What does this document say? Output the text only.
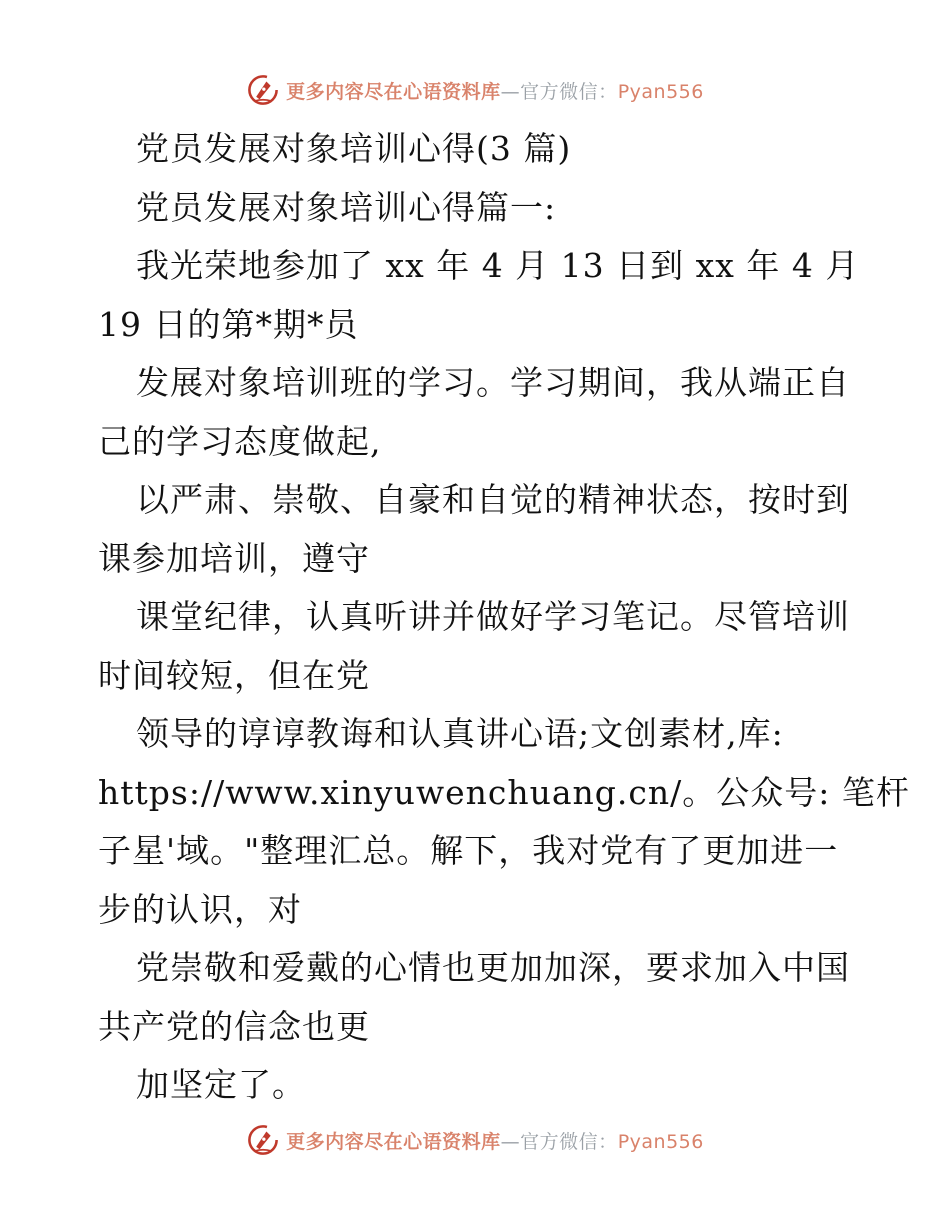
更多内容尽在心语资料库—官方微信：Pyan556
党员发展对象培训心得(3 篇)
党员发展对象培训心得篇一:
我光荣地参加了 xx 年 4 月 13 日到 xx 年 4 月
19 日的第*期*员
发展对象培训班的学习。学习期间，我从端正自
己的学习态度做起,
以严肃、崇敬、自豪和自觉的精神状态，按时到
课参加培训，遵守
课堂纪律，认真听讲并做好学习笔记。尽管培训
时间较短，但在党
领导的谆谆教诲和认真讲心语;文创素材,库:
https://www.xinyuwenchuang.cn/。公众号: 笔杆
子星'域。"整理汇总。解下，我对党有了更加进一
步的认识，对
党崇敬和爱戴的心情也更加加深，要求加入中国
共产党的信念也更
加坚定了。
更多内容尽在心语资料库—官方微信：Pyan556
